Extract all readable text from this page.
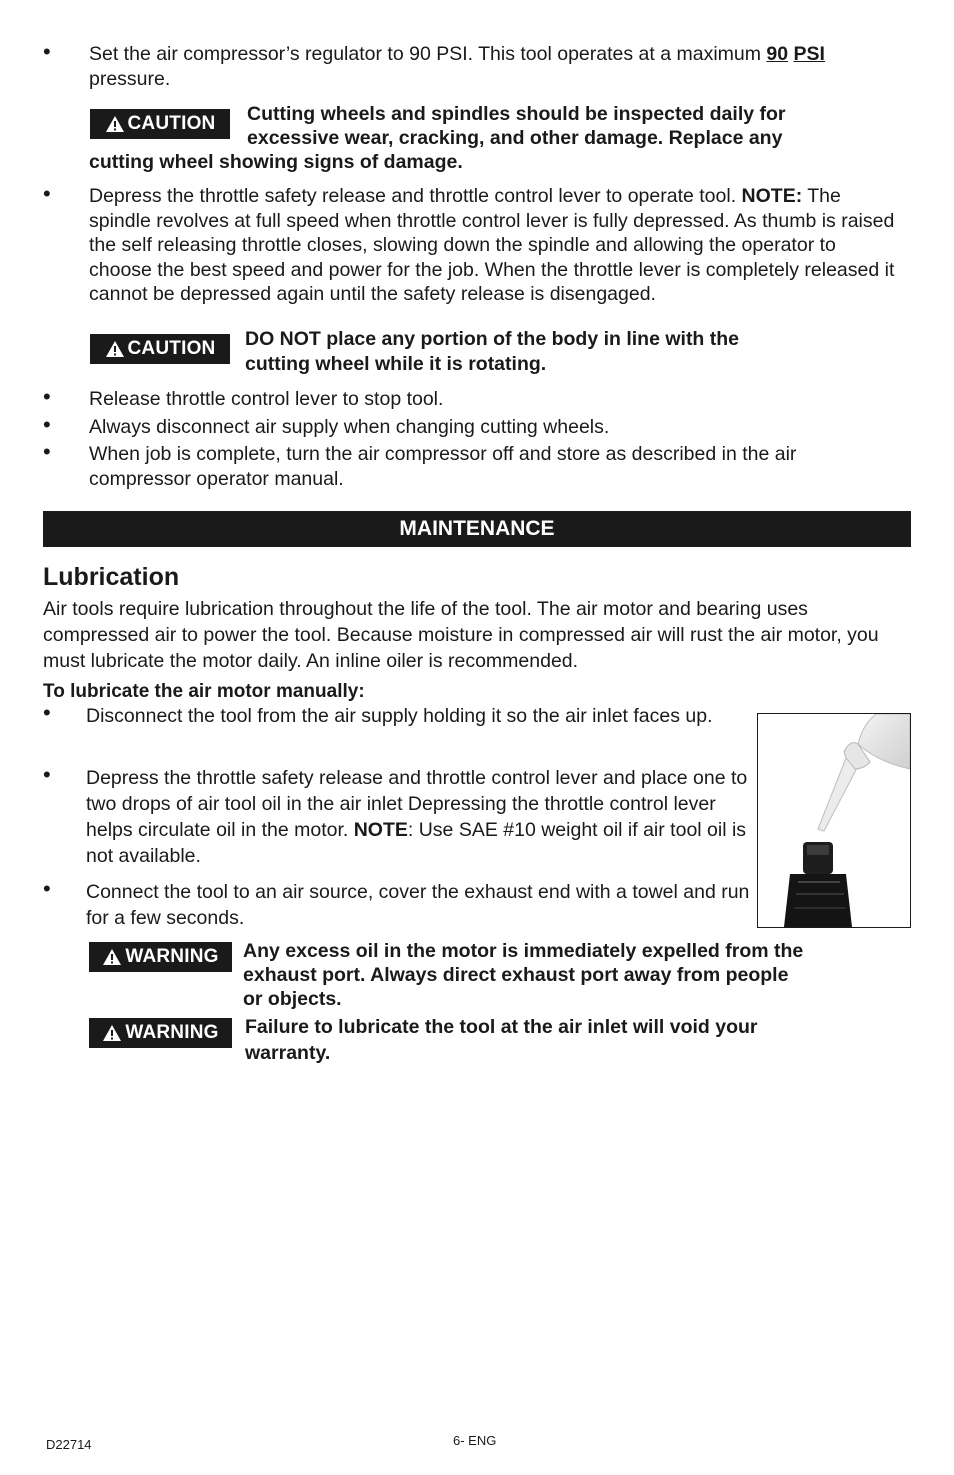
• Set the air compressor’s regulator to 90 PSI. This tool operates at a maximum 90 PSI pressure.
CAUTION Cutting wheels and spindles should be inspected daily for
excessive wear, cracking, and other damage. Replace any
cutting wheel showing signs of damage.
• Depress the throttle safety release and throttle control lever to operate tool. NOTE: The spindle revolves at full speed when throttle control lever is fully depressed. As thumb is raised the self releasing throttle closes, slowing down the spindle and allowing the operator to choose the best speed and power for the job. When the throttle lever is completely released it cannot be depressed again until the safety release is disengaged.
CAUTION DO NOT place any portion of the body in line with the
cutting wheel while it is rotating.
• Release throttle control lever to stop tool.
• Always disconnect air supply when changing cutting wheels.
• When job is complete, turn the air compressor off and store as described in the air compressor operator manual.
MAINTENANCE
Lubrication
Air tools require lubrication throughout the life of the tool. The air motor and bearing uses compressed air to power the tool. Because moisture in compressed air will rust the air motor, you must lubricate the motor daily. An inline oiler is recommended.
To lubricate the air motor manually:
• Disconnect the tool from the air supply holding it so the air inlet faces up.
• Depress the throttle safety release and throttle control lever and place one to two drops of air tool oil in the air inlet Depressing the throttle control lever helps circulate oil in the motor. NOTE: Use SAE #10 weight oil if air tool oil is not available.
• Connect the tool to an air source, cover the exhaust end with a towel and run for a few seconds.
WARNING Any excess oil in the motor is immediately expelled from the
exhaust port. Always direct exhaust port away from people
or objects.
WARNING Failure to lubricate the tool at the air inlet will void your
warranty.
D22714	6- ENG
